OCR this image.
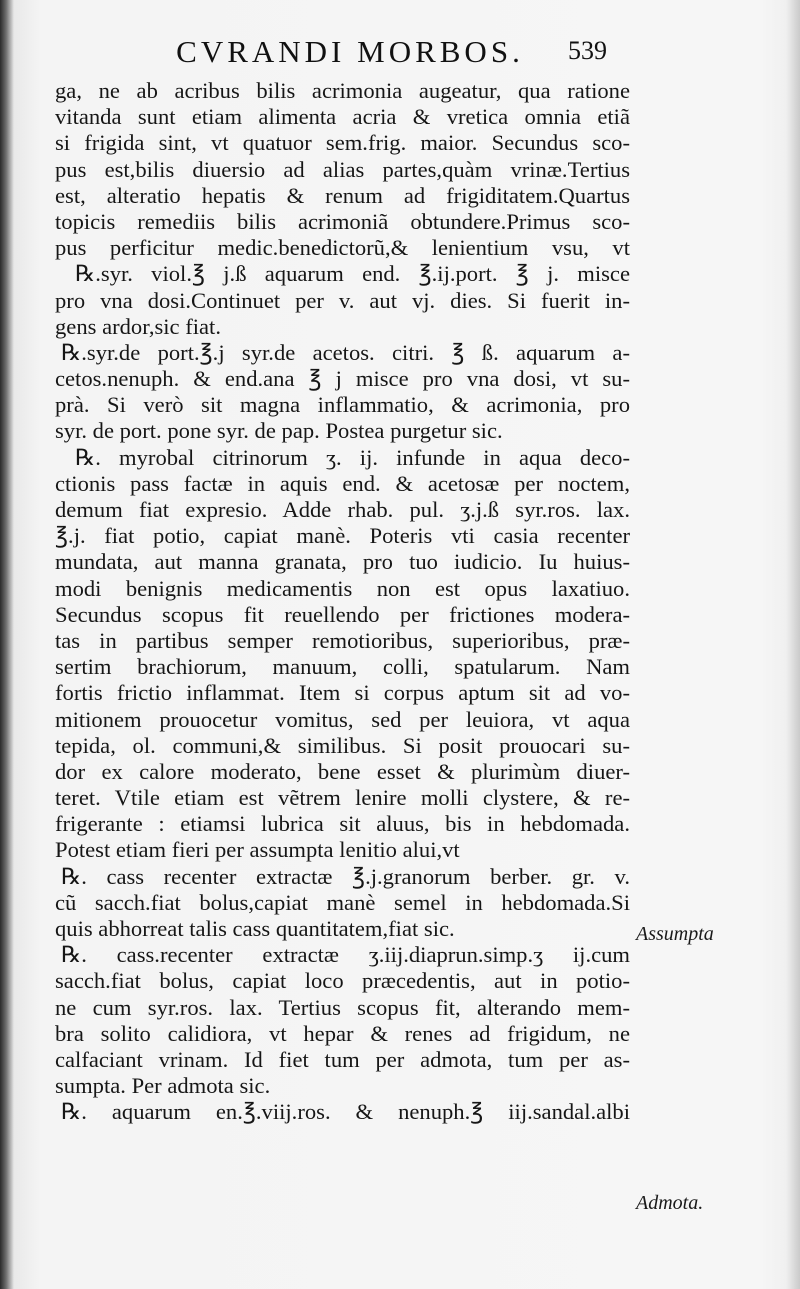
CVRANDI MORBOS. 539
ga, ne ab acribus bilis acrimonia augeatur, qua ratione
vitanda sunt etiam alimenta acria & vretica omnia etiã
si frigida sint, vt quatuor sem.frig. maior. Secundus sco-
pus est,bilis diuersio ad alias partes,quàm vrinæ.Tertius
est, alteratio hepatis & renum ad frigiditatem.Quartus
topicis remediis bilis acrimoniã obtundere.Primus sco-
pus perficitur medic.benedictorũ,& lenientium vsu, vt
℞.syr. viol.℥ j.ß aquarum end. ℥.ij.port. ℥ j. misce
pro vna dosi.Continuet per v. aut vj. dies. Si fuerit in-
gens ardor,sic fiat.
℞.syr.de port.℥.j syr.de acetos. citri. ℥ ß. aquarum a-
cetos.nenuph. & end.ana ℥ j misce pro vna dosi, vt su-
prà. Si verò sit magna inflammatio, & acrimonia, pro
syr. de port. pone syr. de pap. Postea purgetur sic.
℞. myrobal citrinorum ʒ. ij. infunde in aqua deco-
ctionis pass factæ in aquis end. & acetosæ per noctem,
demum fiat expresio. Adde rhab. pul. ʒ.j.ß syr.ros. lax.
℥.j. fiat potio, capiat manè. Poteris vti casia recenter
mundata, aut manna granata, pro tuo iudicio. Iu huius-
modi benignis medicamentis non est opus laxatiuo.
Secundus scopus fit reuellendo per frictiones modera-
tas in partibus semper remotioribus, superioribus, præ-
sertim brachiorum, manuum, colli, spatularum. Nam
fortis frictio inflammat. Item si corpus aptum sit ad vo-
mitionem prouocetur vomitus, sed per leuiora, vt aqua
tepida, ol. communi,& similibus. Si posit prouocari su-
dor ex calore moderato, bene esset & plurimùm diuer-
teret. Vtile etiam est vẽtrem lenire molli clystere, & re-
frigerante : etiamsi lubrica sit aluus, bis in hebdomada.
Potest etiam fieri per assumpta lenitio alui,vt
℞. cass recenter extractæ ℥.j.granorum berber. gr. v.
cũ sacch.fiat bolus,capiat manè semel in hebdomada.Si
quis abhorreat talis cass quantitatem,fiat sic.
℞. cass.recenter extractæ ʒ.iij.diaprun.simp.ʒ ij.cum
sacch.fiat bolus, capiat loco præcedentis, aut in potio-
ne cum syr.ros. lax. Tertius scopus fit, alterando mem-
bra solito calidiora, vt hepar & renes ad frigidum, ne
calfaciant vrinam. Id fiet tum per admota, tum per as-
sumpta. Per admota sic.
℞. aquarum en.℥.viij.ros. & nenuph.℥ iij.sandal.albi
Assumpta
Admota.
